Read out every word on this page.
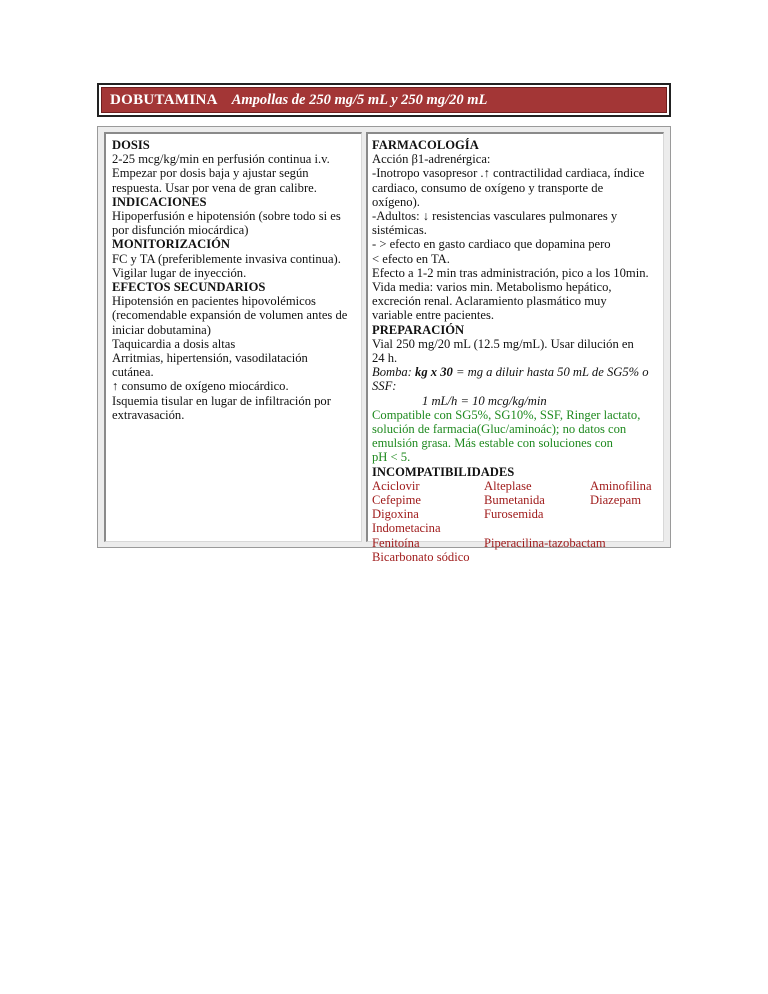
DOBUTAMINA Ampollas de 250 mg/5 mL y 250 mg/20 mL
DOSIS
2-25 mcg/kg/min en perfusión continua i.v.
Empezar por dosis baja y ajustar según
respuesta. Usar por vena de gran calibre.
INDICACIONES
Hipoperfusión e hipotensión (sobre todo si es
por disfunción miocárdica)
MONITORIZACIÓN
FC y TA (preferiblemente invasiva continua).
Vigilar lugar de inyección.
EFECTOS SECUNDARIOS
Hipotensión en pacientes hipovolémicos
(recomendable expansión de volumen antes de
iniciar dobutamina)
Taquicardia a dosis altas
Arritmias, hipertensión, vasodilatación
cutánea.
↑ consumo de oxígeno miocárdico.
Isquemia tisular en lugar de infiltración por
extravasación.
FARMACOLOGÍA
Acción β1-adrenérgica:
-Inotropo vasopresor .↑ contractilidad cardiaca, índice
cardiaco, consumo de oxígeno y transporte de
oxígeno).
-Adultos: ↓ resistencias vasculares pulmonares y
sistémicas.
- > efecto en gasto cardiaco que dopamina pero
< efecto en TA.
Efecto a 1-2 min tras administración, pico a los 10min.
Vida media: varios min. Metabolismo hepático,
excreción renal. Aclaramiento plasmático muy
variable entre pacientes.
PREPARACIÓN
Vial 250 mg/20 mL (12.5 mg/mL). Usar dilución en
24 h.
Bomba: kg x 30 = mg a diluir hasta 50 mL de SG5% o
SSF:
1 mL/h = 10 mcg/kg/min
Compatible con SG5%, SG10%, SSF, Ringer lactato,
solución de farmacia(Gluc/aminoác); no datos con
emulsión grasa. Más estable con soluciones con
pH < 5.
INCOMPATIBILIDADES
Aciclovir	Alteplase	Aminofilina
Cefepime	Bumetanida	Diazepam
Digoxina	Furosemida
Indometacina
Fenitoína	Piperacilina-tazobactam
Bicarbonato sódico
